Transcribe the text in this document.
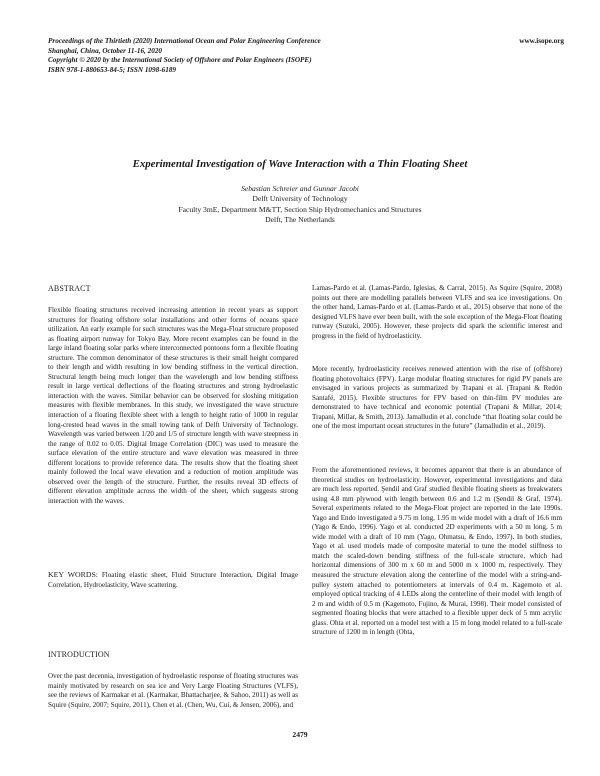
Proceedings of the Thirtieth (2020) International Ocean and Polar Engineering Conference
Shanghai, China, October 11-16, 2020
Copyright © 2020 by the International Society of Offshore and Polar Engineers (ISOPE)
ISBN 978-1-880653-84-5; ISSN 1098-6189
www.isope.org
Experimental Investigation of Wave Interaction with a Thin Floating Sheet
Sebastian Schreier and Gunnar Jacobi
Delft University of Technology
Faculty 3mE, Department M&TT, Section Ship Hydromechanics and Structures
Delft, The Netherlands
ABSTRACT

Flexible floating structures received increasing attention in recent years as support structures for floating offshore solar installations and other forms of oceans space utilization. An early example for such structures was the Mega-Float structure proposed as floating airport runway for Tokyo Bay. More recent examples can be found in the large inland floating solar parks where interconnected pontoons form a flexible floating structure. The common denominator of these structures is their small height compared to their length and width resulting in low bending stiffness in the vertical direction. Structural length being much longer than the wavelength and low bending stiffness result in large vertical deflections of the floating structures and strong hydroelastic interaction with the waves. Similar behavior can be observed for sloshing mitigation measures with flexible membranes. In this study, we investigated the wave structure interaction of a floating flexible sheet with a length to height ratio of 1000 in regular long-crested head waves in the small towing tank of Delft University of Technology. Wavelength was varied between 1/20 and 1/5 of structure length with wave steepness in the range of 0.02 to 0.05. Digital Image Correlation (DIC) was used to measure the surface elevation of the entire structure and wave elevation was measured in three different locations to provide reference data. The results show that the floating sheet mainly followed the local wave elevation and a reduction of motion amplitude was observed over the length of the structure. Further, the results reveal 3D effects of different elevation amplitude across the width of the sheet, which suggests strong interaction with the waves.

INTRODUCTION

Over the past decennia, investigation of hydroelastic response of floating structures was mainly motivated by research on sea ice and Very Large Floating Structures (VLFS), see the reviews of Karmakar et al. (Karmakar, Bhattacharjee, & Sahoo, 2011) as well as Squire (Squire, 2007; Squire, 2011), Chen et al. (Chen, Wu, Cui, & Jensen, 2006), and

KEY WORDS: Floating elastic sheet, Fluid Structure Interaction, Digital Image Correlation, Hydroelasticity, Wave scattering.

Lamas-Pardo et al. (Lamas-Pardo, Iglesias, & Carral, 2015). As Squire (Squire, 2008) points out there are modelling parallels between VLFS and sea ice investigations. On the other hand, Lamas-Pardo et al. (Lamas-Pardo et al., 2015) observe that none of the designed VLFS have ever been built, with the sole exception of the Mega-Float floating runway (Suzuki, 2005). However, these projects did spark the scientific interest and progress in the field of hydroelasticity.

More recently, hydroelasticity receives renewed attention with the rise of (offshore) floating photovoltaics (FPV). Large modular floating structures for rigid PV panels are envisaged in various projects as summarized by Trapani et al. (Trapani & Redón Santafé, 2015). Flexible structures for FPV based on thin-film PV modules are demonstrated to have technical and economic potential (Trapani & Millar, 2014; Trapani, Millar, & Smith, 2013). Jamalludin et al. conclude “that floating solar could be one of the most important ocean structures in the future” (Jamalludin et al., 2019).

From the aforementioned reviews, it becomes apparent that there is an abundance of theoretical studies on hydroelasticity. However, experimental investigations and data are much less reported. Şendil and Graf studied flexible floating sheets as breakwaters using 4.8 mm plywood with length between 0.6 and 1.2 m (Şendil & Graf, 1974). Several experiments related to the Mega-Float project are reported in the late 1990s. Yago and Endo investigated a 9.75 m long, 1.95 m wide model with a draft of 16.6 mm (Yago & Endo, 1996). Yago et al. conducted 2D experiments with a 50 m long, 5 m wide model with a draft of 10 mm (Yago, Ohmatsu, & Endo, 1997). In both studies, Yago et al. used models made of composite material to tune the model stiffness to match the scaled-down bending stiffness of the full-scale structure, which had horizontal dimensions of 300 m x 60 m and 5000 m x 1000 m, respectively. They measured the structure elevation along the centerline of the model with a string-and-pulley system attached to potentiometers at intervals of 0.4 m. Kagemoto et al. employed optical tracking of 4 LEDs along the centerline of their model with length of 2 m and width of 0.5 m (Kagemoto, Fujino, & Murai, 1998). Their model consisted of segmented floating blocks that were attached to a flexible upper deck of 5 mm acrylic glass. Ohta et al. reported on a model test with a 15 m long model related to a full-scale structure of 1200 m in length (Ohta,

2479
